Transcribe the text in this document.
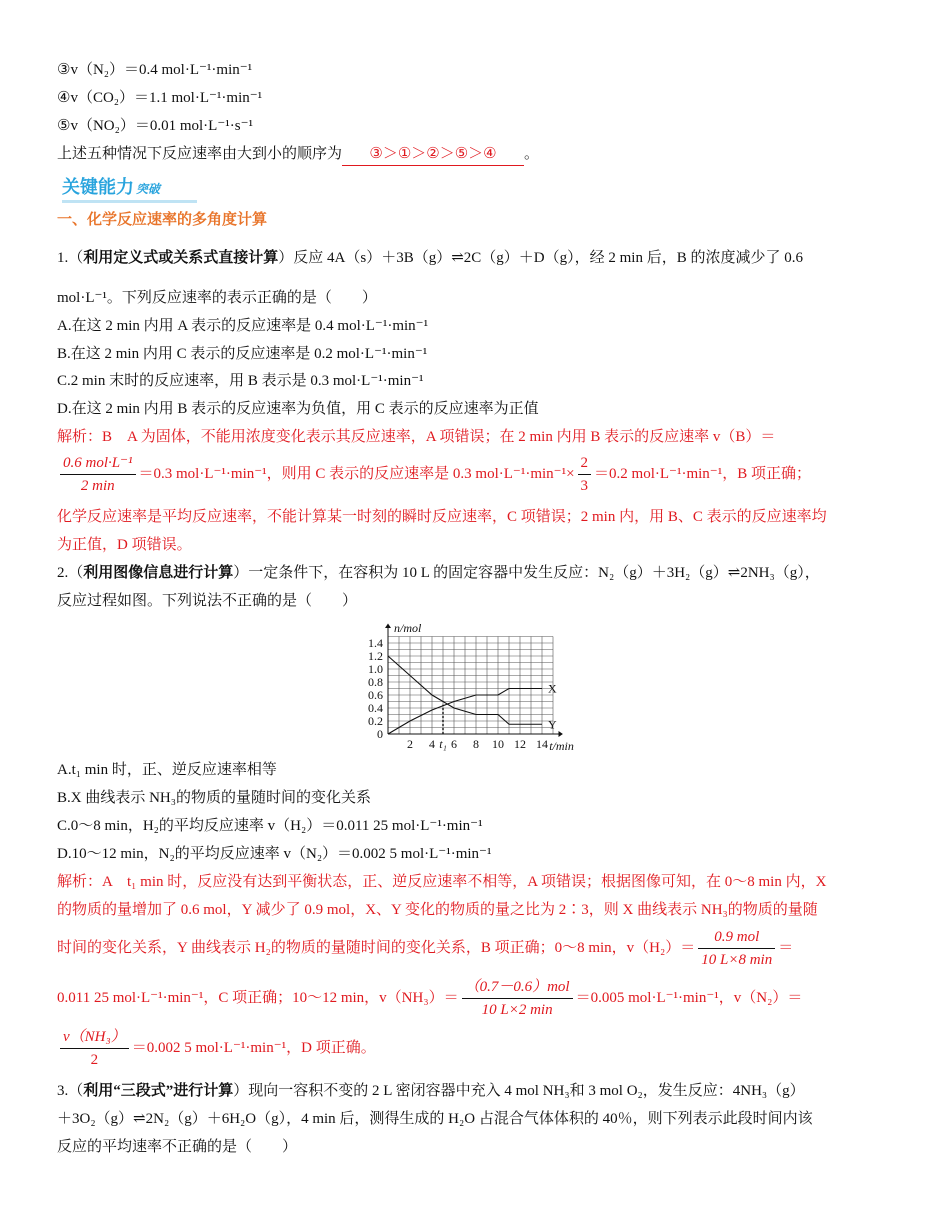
③v（N₂）＝0.4 mol·L⁻¹·min⁻¹
④v（CO₂）＝1.1 mol·L⁻¹·min⁻¹
⑤v（NO₂）＝0.01 mol·L⁻¹·s⁻¹
上述五种情况下反应速率由大到小的顺序为 ③＞①＞②＞⑤＞④ 。
关键能力 突破
一、化学反应速率的多角度计算
1.（利用定义式或关系式直接计算）反应 4A（s）＋3B（g）⇌2C（g）＋D（g），经 2 min 后，B 的浓度减少了 0.6
mol·L⁻¹。下列反应速率的表示正确的是（　　）
A.在这 2 min 内用 A 表示的反应速率是 0.4 mol·L⁻¹·min⁻¹
B.在这 2 min 内用 C 表示的反应速率是 0.2 mol·L⁻¹·min⁻¹
C.2 min 末时的反应速率，用 B 表示是 0.3 mol·L⁻¹·min⁻¹
D.在这 2 min 内用 B 表示的反应速率为负值，用 C 表示的反应速率为正值
解析：B　A 为固体，不能用浓度变化表示其反应速率，A 项错误；在 2 min 内用 B 表示的反应速率 v（B）＝
$\frac{\text{0.6 mol·L⁻¹}}{2 \min} =0.3$ mol·L⁻¹·min⁻¹，则用 C 表示的反应速率是 0.3 $mol\cdot L^{-1}\cdot\min^{-1}\times \frac{2}{3} =0.2$ mol·L⁻¹·min⁻¹，B 项正确；
化学反应速率是平均反应速率，不能计算某一时刻的瞬时反应速率，C 项错误；2 min 内，用 B、C 表示的反应速率均
为正值，D 项错误。
2.（利用图像信息进行计算）一定条件下，在容积为 10 L 的固定容器中发生反应：N₂（g）＋3H₂（g）⇌2NH₃（g），
反应过程如图。下列说法不正确的是（　　）
0
0.2
0.4
0.6
0.8
1.0
1.2
1.4
2 4 t₁ 6 8 10 12 14
n/mol
t/min
X
Y
A.t₁ min 时，正、逆反应速率相等
B.X 曲线表示 NH₃的物质的量随时间的变化关系
C.0～8 min，H₂的平均反应速率 v（H₂）＝0.011 25 mol·L⁻¹·min⁻¹
D.10～12 min，N₂的平均反应速率 v（N₂）＝0.002 5 mol·L⁻¹·min⁻¹
解析：A　t₁ min 时，反应没有达到平衡状态，正、逆反应速率不相等，A 项错误；根据图像可知，在 0～8 min 内，X
的物质的量增加了 0.6 mol，Y 减少了 0.9 mol，X、Y 变化的物质的量之比为 2∶3，则 X 曲线表示 NH₃的物质的量随
时间的变化关系，Y 曲线表示 H₂的物质的量随时间的变化关系，B 项正确；0～8 min，$v(H_2)= \frac{\text{0.9 mol}}{10 L\times 8 \min}$ ＝
0.011 25 mol·L⁻¹·min⁻¹，C 项正确；10～12 min，$v(NH_3)= \frac{\text{（0.7－0.6）mol}}{10 L\times 2 \min} =0.005$ mol·L⁻¹·min⁻¹，v（N₂）＝
$\frac{\text{v（NH₃）}}{2} =0.002$ 5 mol·L⁻¹·min⁻¹，D 项正确。
3.（利用“三段式”进行计算）现向一容积不变的 2 L 密闭容器中充入 4 mol NH₃和 3 mol O₂，发生反应：4NH₃（g）
＋3O₂（g）⇌2N₂（g）＋6H₂O（g），4 min 后，测得生成的 H₂O 占混合气体体积的 40％，则下列表示此段时间内该
反应的平均速率不正确的是（　　）
